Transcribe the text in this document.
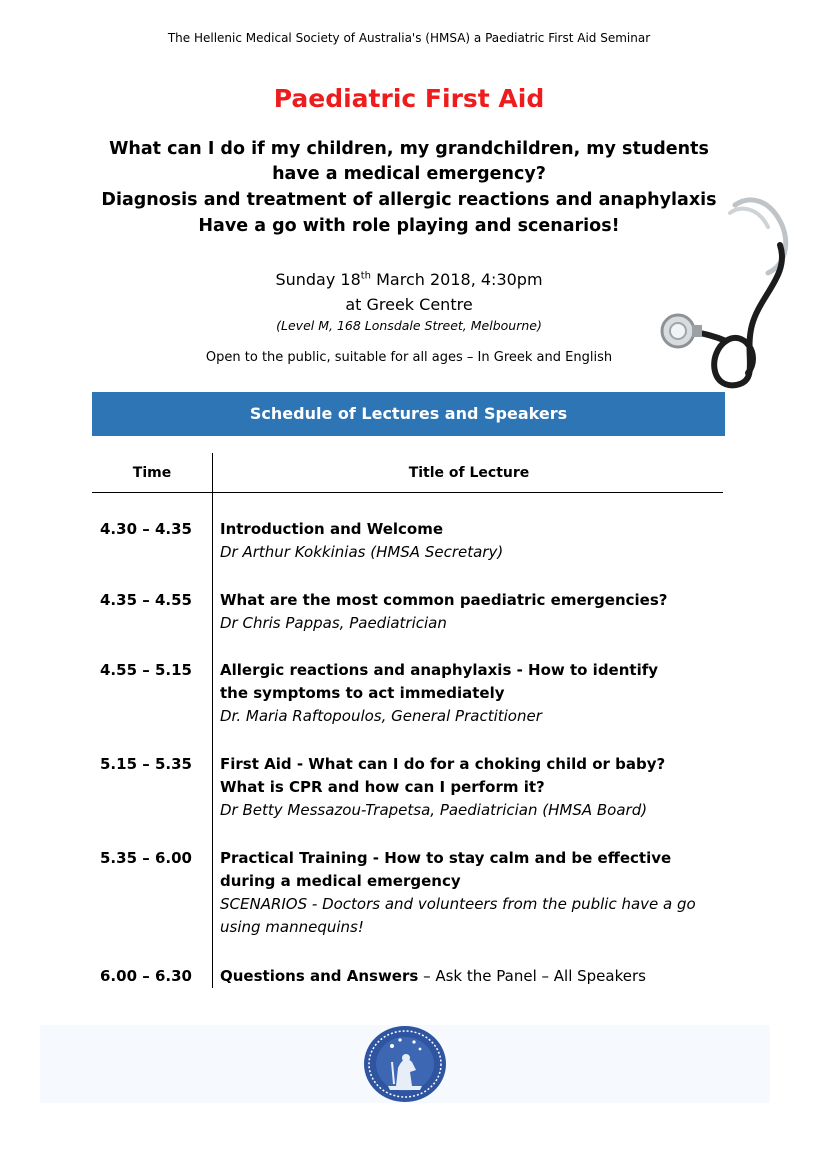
The Hellenic Medical Society of Australia's (HMSA) a Paediatric First Aid Seminar
Paediatric First Aid
What can I do if my children, my grandchildren, my students have a medical emergency?
Diagnosis and treatment of allergic reactions and anaphylaxis
Have a go with role playing and scenarios!
Sunday 18th March 2018, 4:30pm
at Greek Centre
(Level M, 168 Lonsdale Street, Melbourne)
Open to the public, suitable for all ages – In Greek and English
Schedule of Lectures and Speakers
Time	Title of Lecture
4.30 – 4.35 Introduction and Welcome
Dr Arthur Kokkinias (HMSA Secretary)
4.35 – 4.55 What are the most common paediatric emergencies?
Dr Chris Pappas, Paediatrician
4.55 – 5.15 Allergic reactions and anaphylaxis - How to identify the symptoms to act immediately
Dr. Maria Raftopoulos, General Practitioner
5.15 – 5.35 First Aid - What can I do for a choking child or baby?
What is CPR and how can I perform it?
Dr Betty Messazou-Trapetsa, Paediatrician (HMSA Board)
5.35 – 6.00 Practical Training - How to stay calm and be effective during a medical emergency
SCENARIOS - Doctors and volunteers from the public have a go using mannequins!
6.00 – 6.30 Questions and Answers – Ask the Panel – All Speakers
